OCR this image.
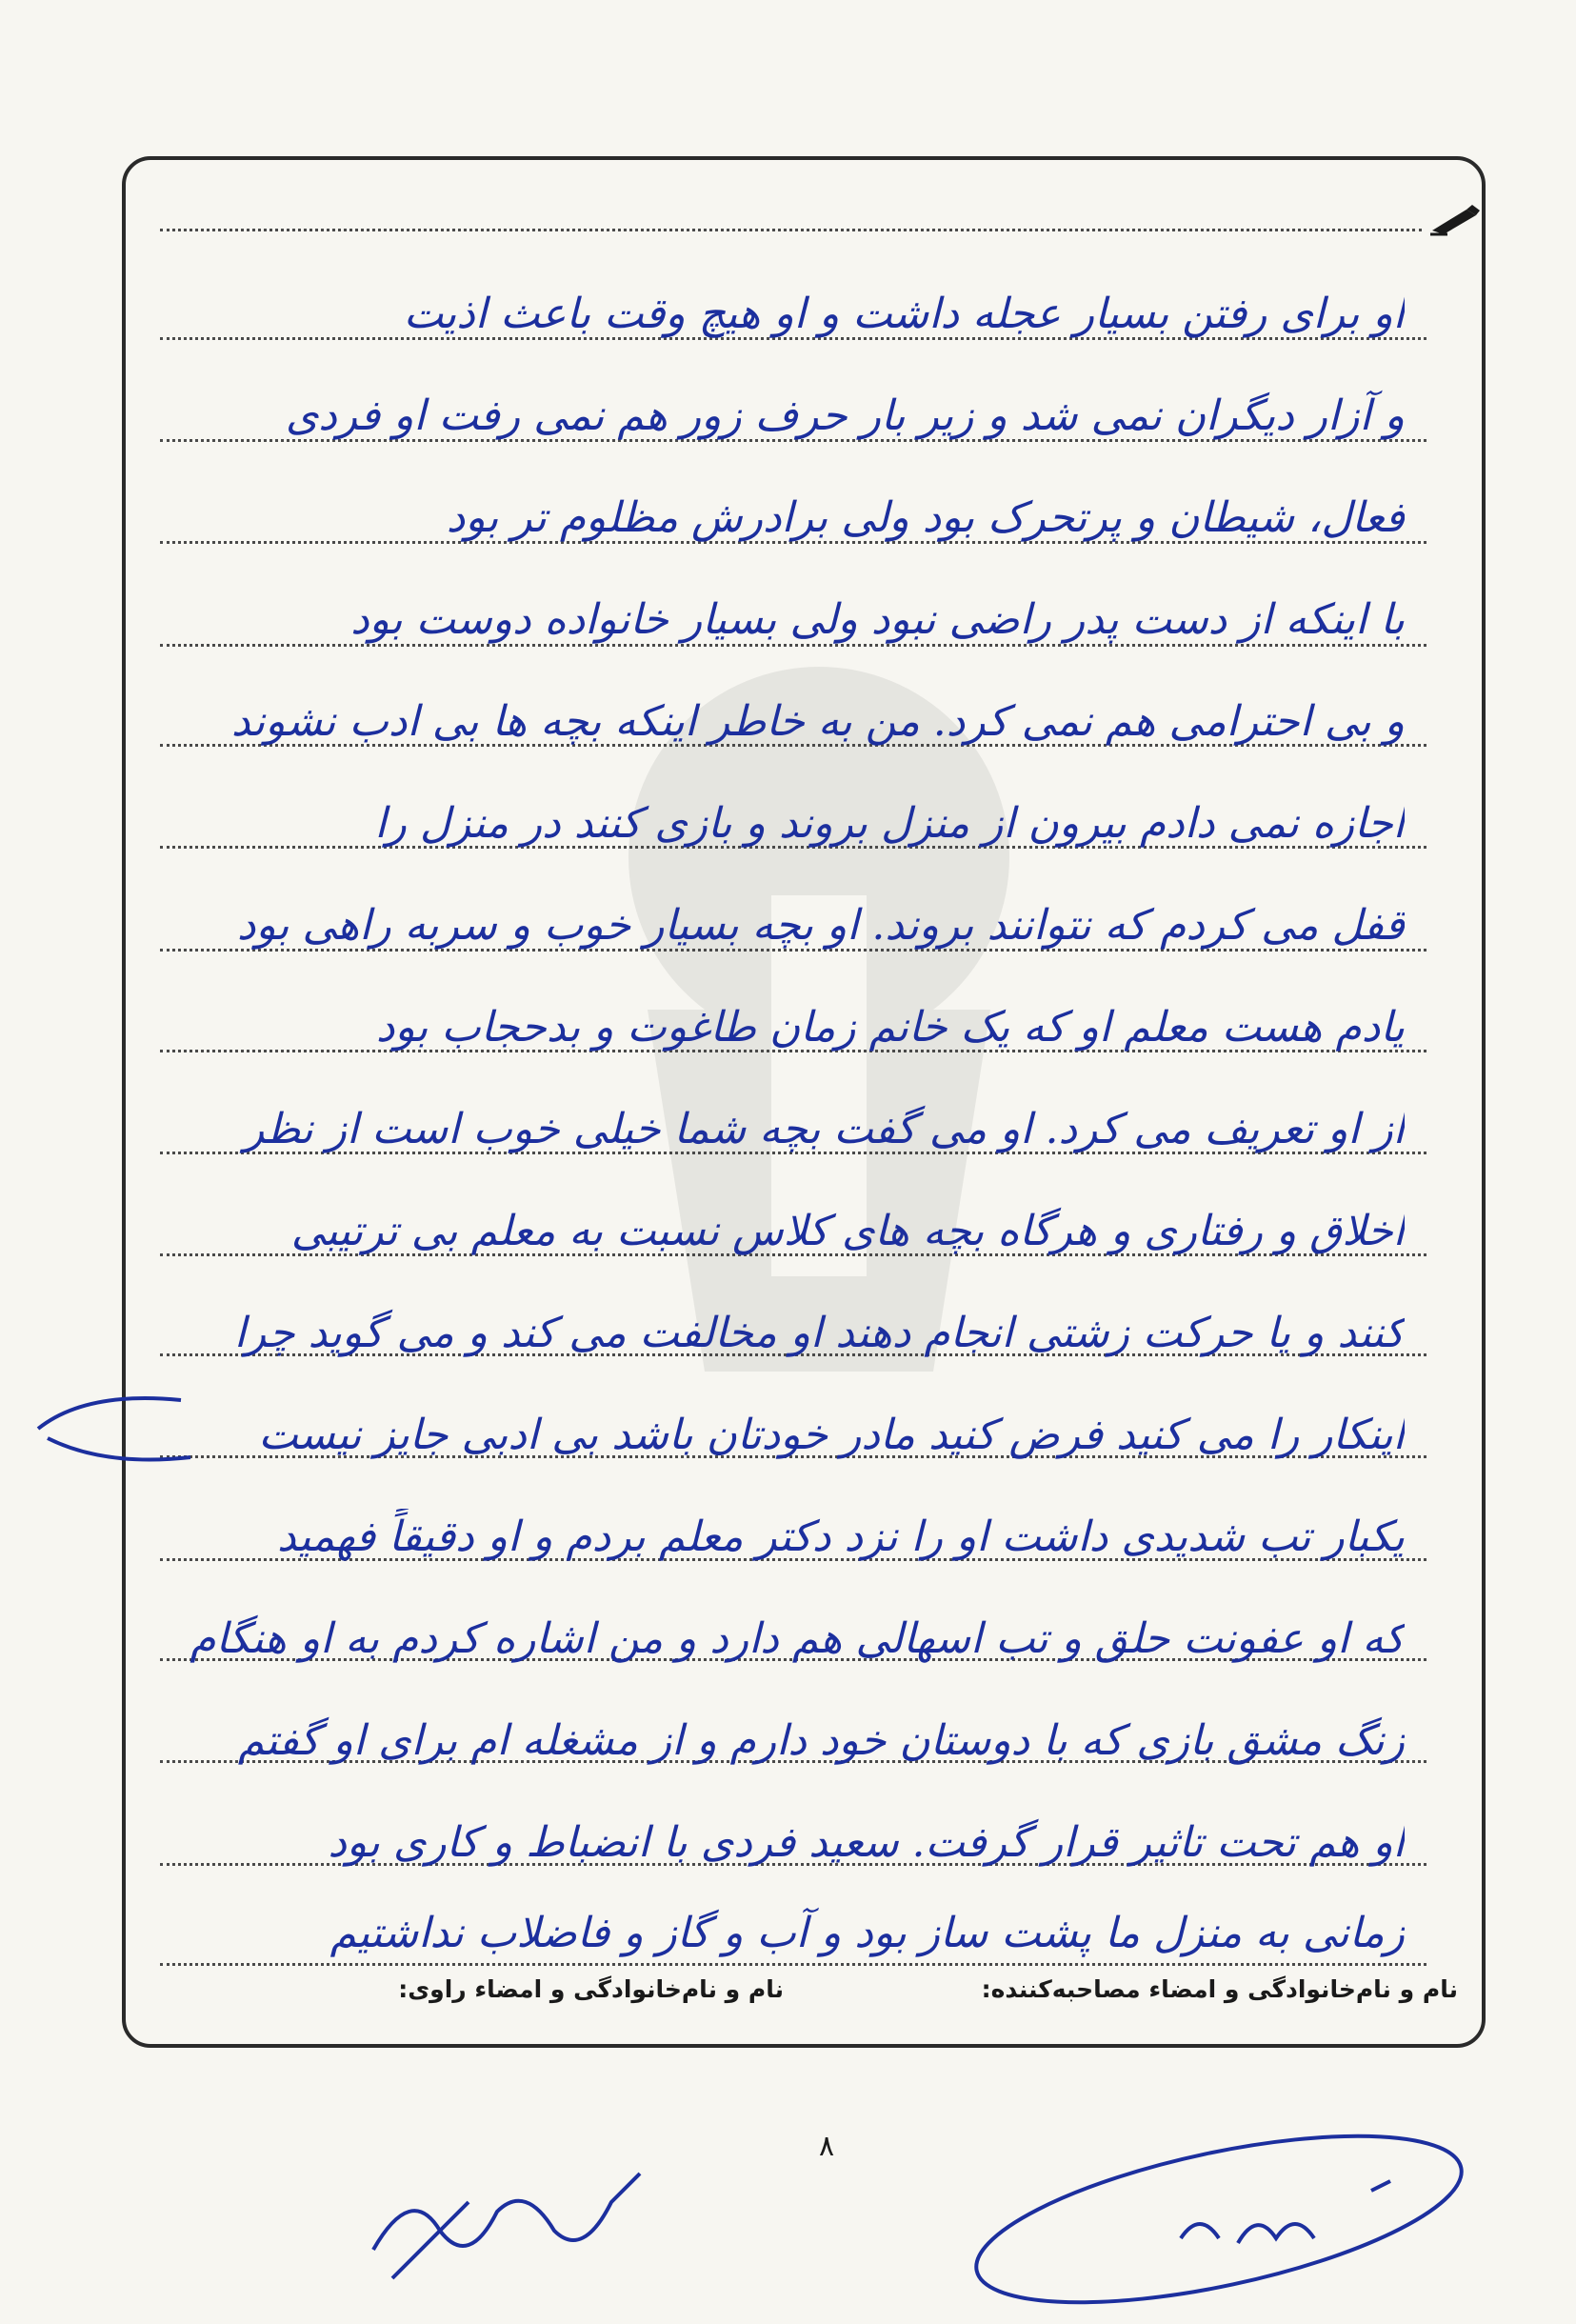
او برای رفتن بسیار عجله داشت و او هیچ وقت باعث اذیت
و آزار دیگران نمی شد و زیر بار حرف زور هم نمی رفت او فردی
فعال، شیطان و پرتحرک بود ولی برادرش مظلوم تر بود
با اینکه از دست پدر راضی نبود ولی بسیار خانواده دوست بود
و بی احترامی هم نمی کرد. من به خاطر اینکه بچه ها بی ادب نشوند
اجازه نمی دادم بیرون از منزل بروند و بازی کنند در منزل را
قفل می کردم که نتوانند بروند. او بچه بسیار خوب و سربه راهی بود
یادم هست معلم او که یک خانم زمان طاغوت و بدحجاب بود
از او تعریف می کرد. او می گفت بچه شما خیلی خوب است از نظر
اخلاق و رفتاری و هرگاه بچه های کلاس نسبت به معلم بی ترتیبی
کنند و یا حرکت زشتی انجام دهند او مخالفت می کند و می گوید چرا
اینکار را می کنید فرض کنید مادر خودتان باشد بی ادبی جایز نیست
یکبار تب شدیدی داشت او را نزد دکتر معلم بردم و او دقیقاً فهمید
که او عفونت حلق و تب اسهالی هم دارد و من اشاره کردم به او هنگام
زنگ مشق بازی که با دوستان خود دارم و از مشغله ام برای او گفتم
او هم تحت تاثیر قرار گرفت. سعید فردی با انضباط و کاری بود
زمانی به منزل ما پشت ساز بود و آب و گاز و فاضلاب نداشتیم
نام و نام‌خانوادگی و امضاء مصاحبه‌کننده:
نام و نام‌خانوادگی و امضاء راوی:
۸
